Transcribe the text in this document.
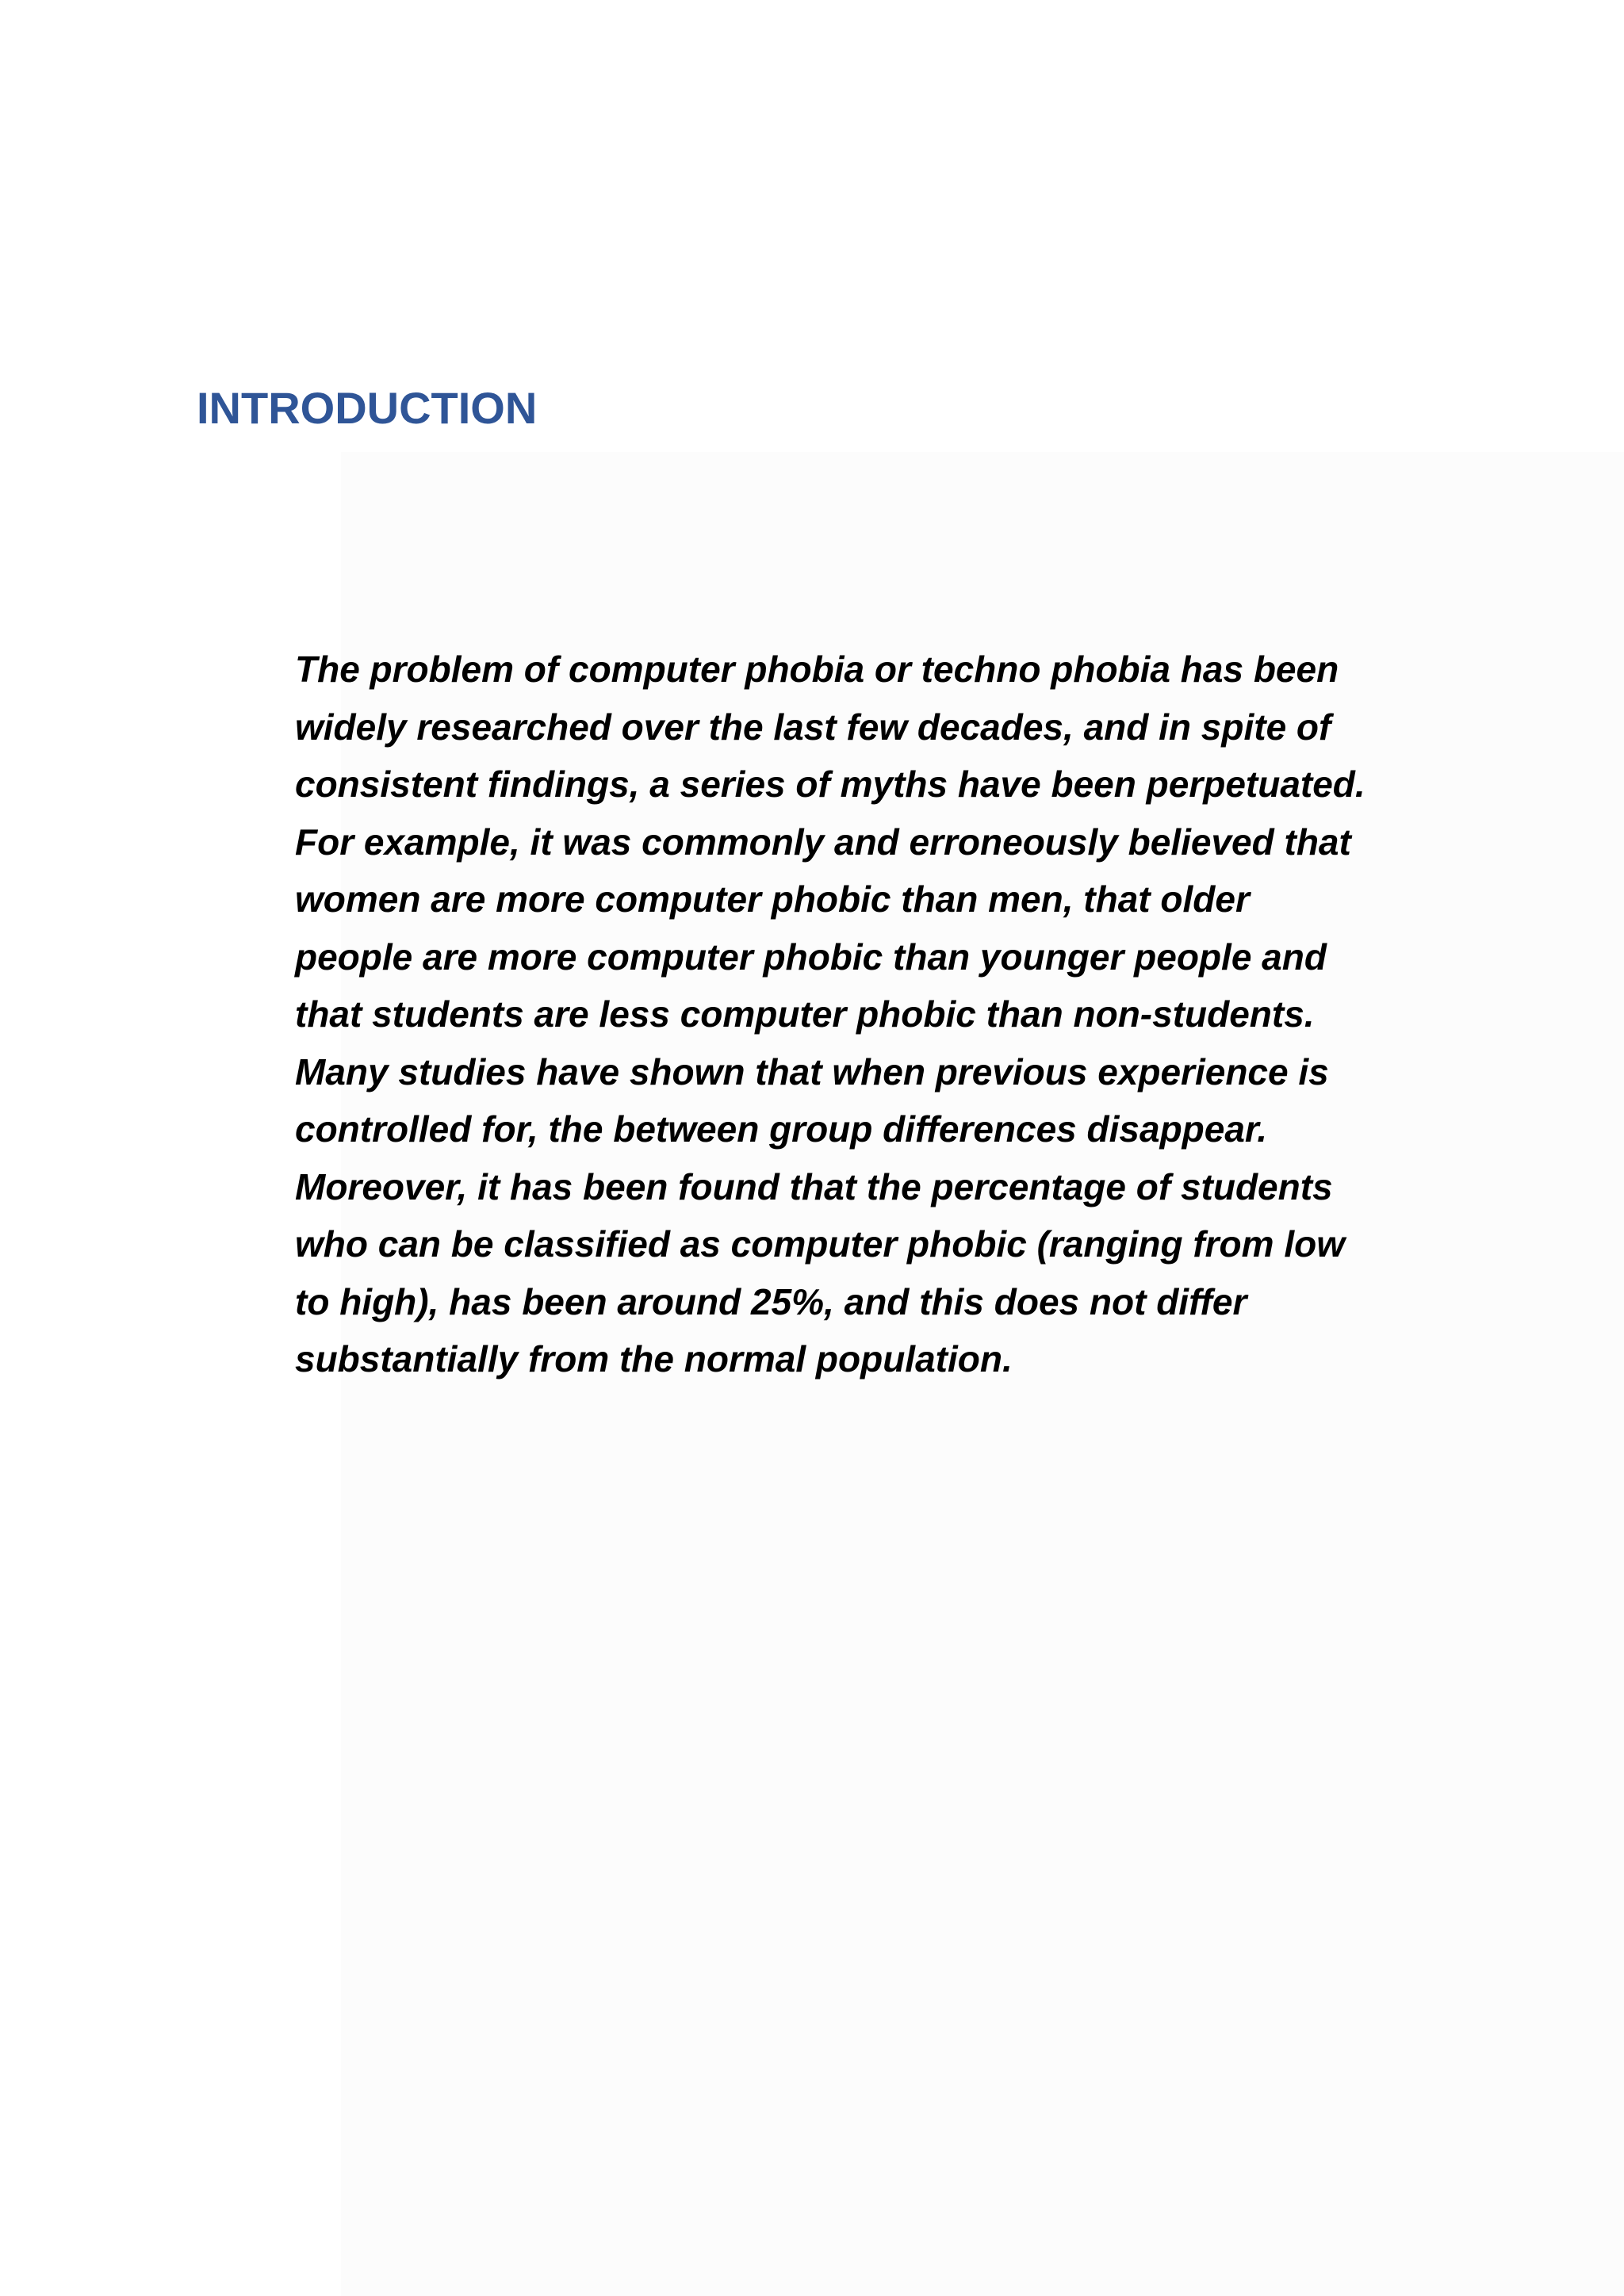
INTRODUCTION

The problem of computer phobia or techno phobia has been
widely researched over the last few decades, and in spite of
consistent findings, a series of myths have been perpetuated.
For example, it was commonly and erroneously believed that
women are more computer phobic than men, that older
people are more computer phobic than younger people and
that students are less computer phobic than non-students.
Many studies have shown that when previous experience is
controlled for, the between group differences disappear.
Moreover, it has been found that the percentage of students
who can be classified as computer phobic (ranging from low
to high), has been around 25%, and this does not differ
substantially from the normal population.
